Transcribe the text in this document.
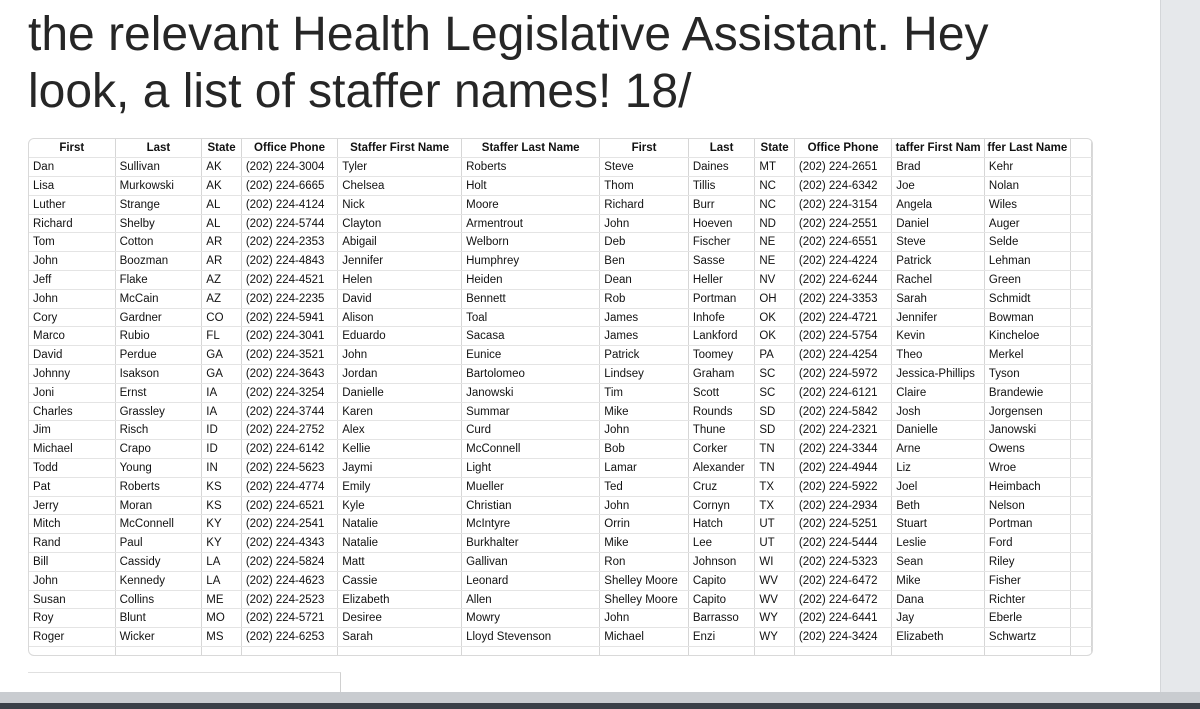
the relevant Health Legislative Assistant. Hey
look, a list of staffer names! 18/
First	Last	State	Office Phone	Staffer First Name	Staffer Last Name	First	Last	State	Office Phone	taffer First Nam	ffer Last Name	
Dan	Sullivan	AK	(202) 224-3004	Tyler	Roberts	Steve	Daines	MT	(202) 224-2651	Brad	Kehr	
Lisa	Murkowski	AK	(202) 224-6665	Chelsea	Holt	Thom	Tillis	NC	(202) 224-6342	Joe	Nolan	
Luther	Strange	AL	(202) 224-4124	Nick	Moore	Richard	Burr	NC	(202) 224-3154	Angela	Wiles	
Richard	Shelby	AL	(202) 224-5744	Clayton	Armentrout	John	Hoeven	ND	(202) 224-2551	Daniel	Auger	
Tom	Cotton	AR	(202) 224-2353	Abigail	Welborn	Deb	Fischer	NE	(202) 224-6551	Steve	Selde	
John	Boozman	AR	(202) 224-4843	Jennifer	Humphrey	Ben	Sasse	NE	(202) 224-4224	Patrick	Lehman	
Jeff	Flake	AZ	(202) 224-4521	Helen	Heiden	Dean	Heller	NV	(202) 224-6244	Rachel	Green	
John	McCain	AZ	(202) 224-2235	David	Bennett	Rob	Portman	OH	(202) 224-3353	Sarah	Schmidt	
Cory	Gardner	CO	(202) 224-5941	Alison	Toal	James	Inhofe	OK	(202) 224-4721	Jennifer	Bowman	
Marco	Rubio	FL	(202) 224-3041	Eduardo	Sacasa	James	Lankford	OK	(202) 224-5754	Kevin	Kincheloe	
David	Perdue	GA	(202) 224-3521	John	Eunice	Patrick	Toomey	PA	(202) 224-4254	Theo	Merkel	
Johnny	Isakson	GA	(202) 224-3643	Jordan	Bartolomeo	Lindsey	Graham	SC	(202) 224-5972	Jessica-Phillips	Tyson	
Joni	Ernst	IA	(202) 224-3254	Danielle	Janowski	Tim	Scott	SC	(202) 224-6121	Claire	Brandewie	
Charles	Grassley	IA	(202) 224-3744	Karen	Summar	Mike	Rounds	SD	(202) 224-5842	Josh	Jorgensen	
Jim	Risch	ID	(202) 224-2752	Alex	Curd	John	Thune	SD	(202) 224-2321	Danielle	Janowski	
Michael	Crapo	ID	(202) 224-6142	Kellie	McConnell	Bob	Corker	TN	(202) 224-3344	Arne	Owens	
Todd	Young	IN	(202) 224-5623	Jaymi	Light	Lamar	Alexander	TN	(202) 224-4944	Liz	Wroe	
Pat	Roberts	KS	(202) 224-4774	Emily	Mueller	Ted	Cruz	TX	(202) 224-5922	Joel	Heimbach	
Jerry	Moran	KS	(202) 224-6521	Kyle	Christian	John	Cornyn	TX	(202) 224-2934	Beth	Nelson	
Mitch	McConnell	KY	(202) 224-2541	Natalie	McIntyre	Orrin	Hatch	UT	(202) 224-5251	Stuart	Portman	
Rand	Paul	KY	(202) 224-4343	Natalie	Burkhalter	Mike	Lee	UT	(202) 224-5444	Leslie	Ford	
Bill	Cassidy	LA	(202) 224-5824	Matt	Gallivan	Ron	Johnson	WI	(202) 224-5323	Sean	Riley	
John	Kennedy	LA	(202) 224-4623	Cassie	Leonard	Shelley Moore	Capito	WV	(202) 224-6472	Mike	Fisher	
Susan	Collins	ME	(202) 224-2523	Elizabeth	Allen	Shelley Moore	Capito	WV	(202) 224-6472	Dana	Richter	
Roy	Blunt	MO	(202) 224-5721	Desiree	Mowry	John	Barrasso	WY	(202) 224-6441	Jay	Eberle	
Roger	Wicker	MS	(202) 224-6253	Sarah	Lloyd Stevenson	Michael	Enzi	WY	(202) 224-3424	Elizabeth	Schwartz	
